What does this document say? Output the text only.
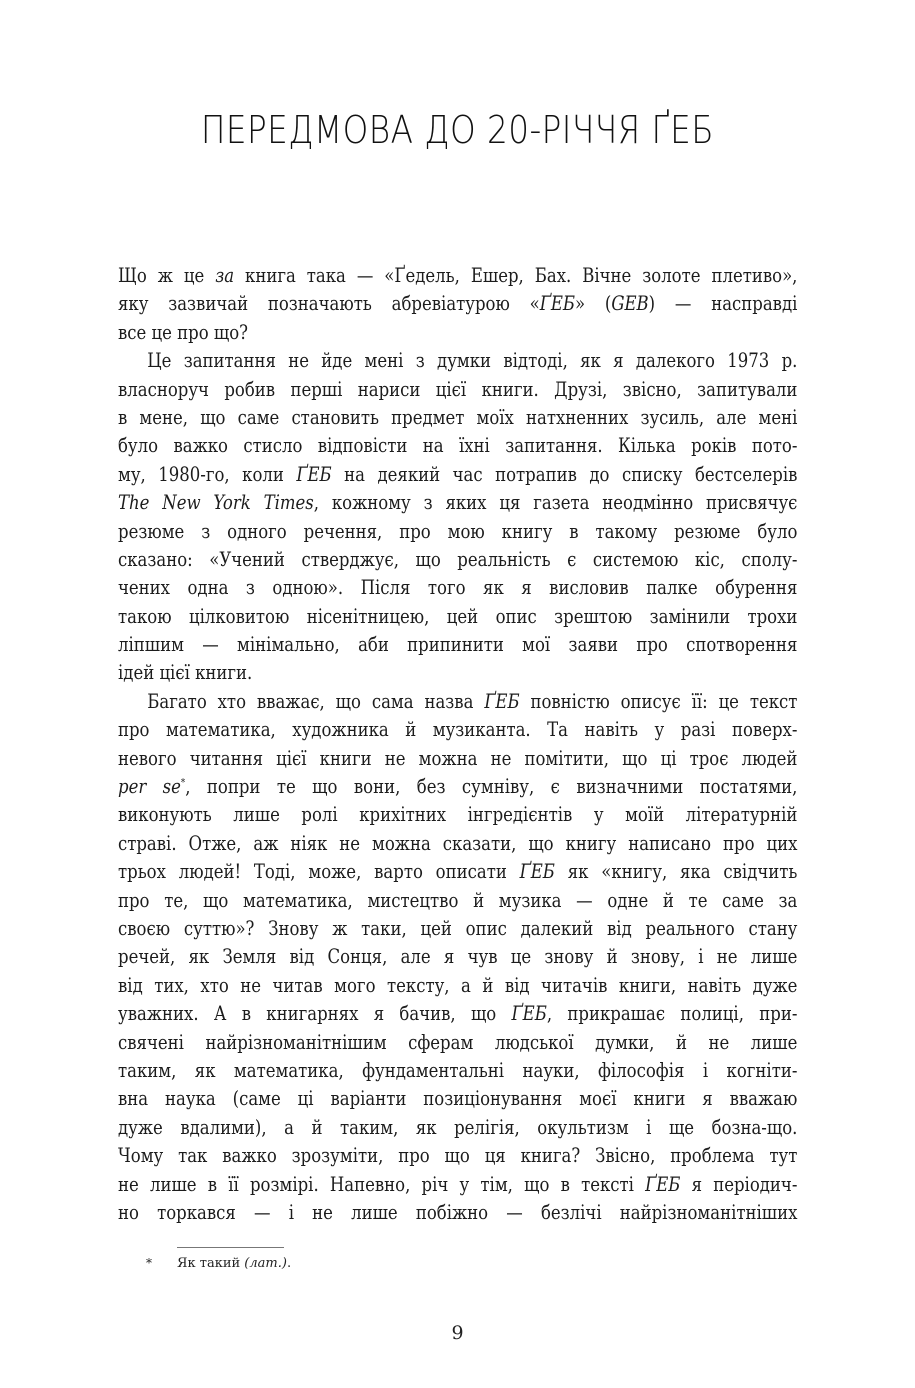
ПЕРЕДМОВА ДО 20-РІЧЧЯ ҐЕБ
Що ж це за книга така — «Ґедель, Ешер, Бах. Вічне золоте плетиво»,
яку зазвичай позначають абревіатурою «ҐЕБ» (GEB) — насправді
все це про що?
Це запитання не йде мені з думки відтоді, як я далекого 1973 р.
власноруч робив перші нариси цієї книги. Друзі, звісно, запитували
в мене, що саме становить предмет моїх натхненних зусиль, але мені
було важко стисло відповісти на їхні запитання. Кілька років пото-
му, 1980-го, коли ҐЕБ на деякий час потрапив до списку бестселерів
The New York Times, кожному з яких ця газета неодмінно присвячує
резюме з одного речення, про мою книгу в такому резюме було
сказано: «Учений стверджує, що реальність є системою кіс, сполу-
чених одна з одною». Після того як я висловив палке обурення
такою цілковитою нісенітницею, цей опис зрештою замінили трохи
ліпшим — мінімально, аби припинити мої заяви про спотворення
ідей цієї книги.
Багато хто вважає, що сама назва ҐЕБ повністю описує її: це текст
про математика, художника й музиканта. Та навіть у разі поверх-
невого читання цієї книги не можна не помітити, що ці троє людей
per se*, попри те що вони, без сумніву, є визначними постатями,
виконують лише ролі крихітних інгредієнтів у моїй літературній
страві. Отже, аж ніяк не можна сказати, що книгу написано про цих
трьох людей! Тоді, може, варто описати ҐЕБ як «книгу, яка свідчить
про те, що математика, мистецтво й музика — одне й те саме за
своєю суттю»? Знову ж таки, цей опис далекий від реального стану
речей, як Земля від Сонця, але я чув це знову й знову, і не лише
від тих, хто не читав мого тексту, а й від читачів книги, навіть дуже
уважних. А в книгарнях я бачив, що ҐЕБ, прикрашає полиці, при-
свячені найрізноманітнішим сферам людської думки, й не лише
таким, як математика, фундаментальні науки, філософія і когніти-
вна наука (саме ці варіанти позиціонування моєї книги я вважаю
дуже вдалими), а й таким, як релігія, окультизм і ще бозна-що.
Чому так важко зрозуміти, про що ця книга? Звісно, проблема тут
не лише в її розмірі. Напевно, річ у тім, що в тексті ҐЕБ я періодич-
но торкався — і не лише побіжно — безлічі найрізноманітніших
* Як такий (лат.).
9
